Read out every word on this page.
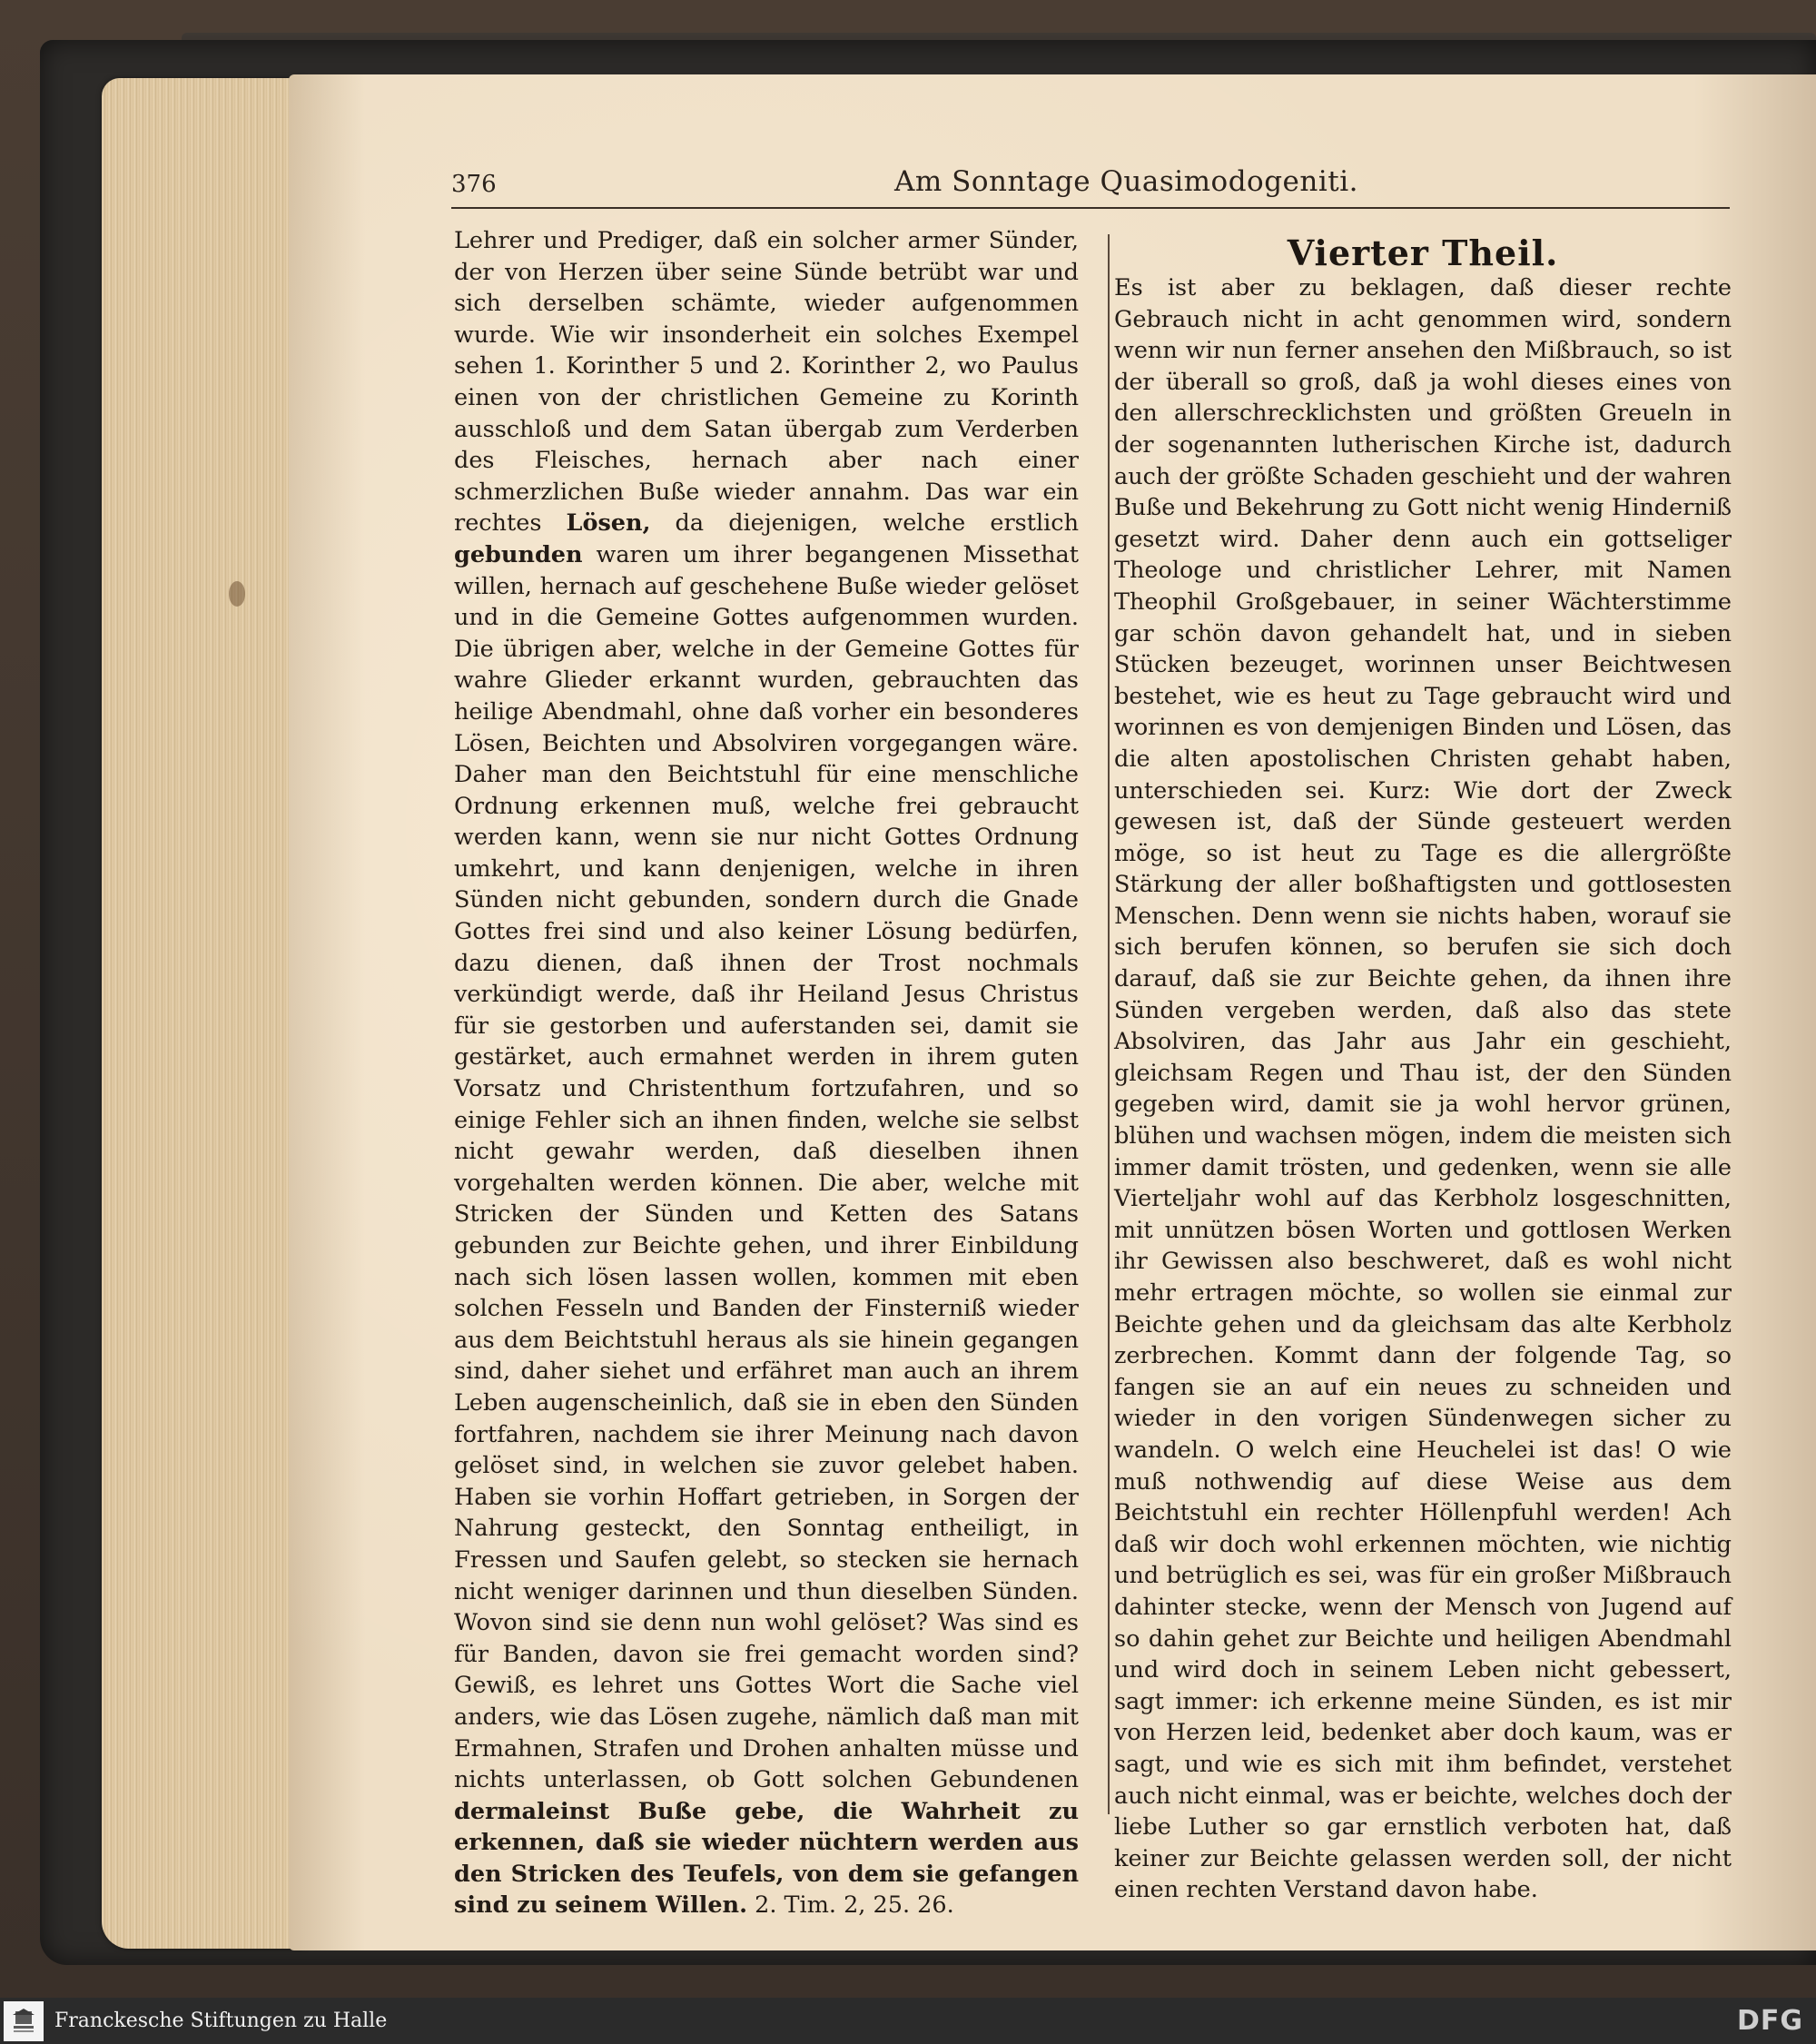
376	Am Sonntage Quasimodogeniti.

Lehrer und Prediger, daß ein solcher armer Sünder, der von Herzen über seine Sünde betrübt war und sich derselben schämte, wieder aufgenommen wurde. Wie wir insonderheit ein solches Exempel sehen 1. Korinther 5 und 2. Korinther 2, wo Paulus einen von der christlichen Gemeine zu Korinth ausschloß und dem Satan übergab zum Verderben des Fleisches, hernach aber nach einer schmerzlichen Buße wieder annahm. Das war ein rechtes Lösen, da diejenigen, welche erstlich gebunden waren um ihrer begangenen Missethat willen, hernach auf geschehene Buße wieder gelöset und in die Gemeine Gottes aufgenommen wurden. Die übrigen aber, welche in der Gemeine Gottes für wahre Glieder erkannt wurden, gebrauchten das heilige Abendmahl, ohne daß vorher ein besonderes Lösen, Beichten und Absolviren vorgegangen wäre. Daher man den Beichtstuhl für eine menschliche Ordnung erkennen muß, welche frei gebraucht werden kann, wenn sie nur nicht Gottes Ordnung umkehrt, und kann denjenigen, welche in ihren Sünden nicht gebunden, sondern durch die Gnade Gottes frei sind und also keiner Lösung bedürfen, dazu dienen, daß ihnen der Trost nochmals verkündigt werde, daß ihr Heiland Jesus Christus für sie gestorben und auferstanden sei, damit sie gestärket, auch ermahnet werden in ihrem guten Vorsatz und Christenthum fortzufahren, und so einige Fehler sich an ihnen finden, welche sie selbst nicht gewahr werden, daß dieselben ihnen vorgehalten werden können. Die aber, welche mit Stricken der Sünden und Ketten des Satans gebunden zur Beichte gehen, und ihrer Einbildung nach sich lösen lassen wollen, kommen mit eben solchen Fesseln und Banden der Finsterniß wieder aus dem Beichtstuhl heraus als sie hinein gegangen sind, daher siehet und erfähret man auch an ihrem Leben augenscheinlich, daß sie in eben den Sünden fortfahren, nachdem sie ihrer Meinung nach davon gelöset sind, in welchen sie zuvor gelebet haben. Haben sie vorhin Hoffart getrieben, in Sorgen der Nahrung gesteckt, den Sonntag entheiligt, in Fressen und Saufen gelebt, so stecken sie hernach nicht weniger darinnen und thun dieselben Sünden. Wovon sind sie denn nun wohl gelöset? Was sind es für Banden, davon sie frei gemacht worden sind? Gewiß, es lehret uns Gottes Wort die Sache viel anders, wie das Lösen zugehe, nämlich daß man mit Ermahnen, Strafen und Drohen anhalten müsse und nichts unterlassen, ob Gott solchen Gebundenen dermaleinst Buße gebe, die Wahrheit zu erkennen, daß sie wieder nüchtern werden aus den Stricken des Teufels, von dem sie gefangen sind zu seinem Willen. 2. Tim. 2, 25. 26.

Vierter Theil.

Es ist aber zu beklagen, daß dieser rechte Gebrauch nicht in acht genommen wird, sondern wenn wir nun ferner ansehen den Mißbrauch, so ist der überall so groß, daß ja wohl dieses eines von den allerschrecklichsten und größten Greueln in der sogenannten lutherischen Kirche ist, dadurch auch der größte Schaden geschieht und der wahren Buße und Bekehrung zu Gott nicht wenig Hinderniß gesetzt wird. Daher denn auch ein gottseliger Theologe und christlicher Lehrer, mit Namen Theophil Großgebauer, in seiner Wächterstimme gar schön davon gehandelt hat, und in sieben Stücken bezeuget, worinnen unser Beichtwesen bestehet, wie es heut zu Tage gebraucht wird und worinnen es von demjenigen Binden und Lösen, das die alten apostolischen Christen gehabt haben, unterschieden sei. Kurz: Wie dort der Zweck gewesen ist, daß der Sünde gesteuert werden möge, so ist heut zu Tage es die allergrößte Stärkung der aller boßhaftigsten und gottlosesten Menschen. Denn wenn sie nichts haben, worauf sie sich berufen können, so berufen sie sich doch darauf, daß sie zur Beichte gehen, da ihnen ihre Sünden vergeben werden, daß also das stete Absolviren, das Jahr aus Jahr ein geschieht, gleichsam Regen und Thau ist, der den Sünden gegeben wird, damit sie ja wohl hervor grünen, blühen und wachsen mögen, indem die meisten sich immer damit trösten, und gedenken, wenn sie alle Vierteljahr wohl auf das Kerbholz losgeschnitten, mit unnützen bösen Worten und gottlosen Werken ihr Gewissen also beschweret, daß es wohl nicht mehr ertragen möchte, so wollen sie einmal zur Beichte gehen und da gleichsam das alte Kerbholz zerbrechen. Kommt dann der folgende Tag, so fangen sie an auf ein neues zu schneiden und wieder in den vorigen Sündenwegen sicher zu wandeln. O welch eine Heuchelei ist das! O wie muß nothwendig auf diese Weise aus dem Beichtstuhl ein rechter Höllenpfuhl werden! Ach daß wir doch wohl erkennen möchten, wie nichtig und betrüglich es sei, was für ein großer Mißbrauch dahinter stecke, wenn der Mensch von Jugend auf so dahin gehet zur Beichte und heiligen Abendmahl und wird doch in seinem Leben nicht gebessert, sagt immer: ich erkenne meine Sünden, es ist mir von Herzen leid, bedenket aber doch kaum, was er sagt, und wie es sich mit ihm befindet, verstehet auch nicht einmal, was er beichte, welches doch der liebe Luther so gar ernstlich verboten hat, daß keiner zur Beichte gelassen werden soll, der nicht einen rechten Verstand davon habe.

Franckesche Stiftungen zu Halle	DFG
